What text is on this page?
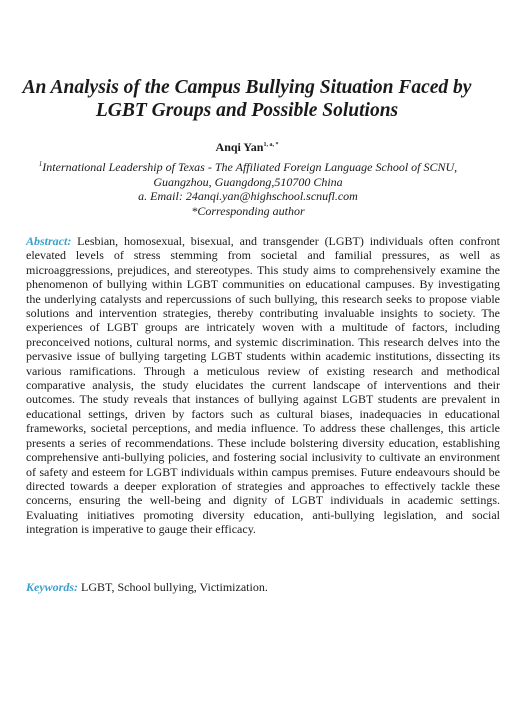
An Analysis of the Campus Bullying Situation Faced by
LGBT Groups and Possible Solutions
Anqi Yan$^{1, a, *}$
$^1$International Leadership of Texas - The Affiliated Foreign Language School of SCNU,
Guangzhou, Guangdong,510700 China
a. Email: 24anqi.yan@highschool.scnufl.com
*Corresponding author
Abstract: Lesbian, homosexual, bisexual, and transgender (LGBT) individuals often confront elevated levels of stress stemming from societal and familial pressures, as well as microaggressions, prejudices, and stereotypes. This study aims to comprehensively examine the phenomenon of bullying within LGBT communities on educational campuses. By investigating the underlying catalysts and repercussions of such bullying, this research seeks to propose viable solutions and intervention strategies, thereby contributing invaluable insights to society. The experiences of LGBT groups are intricately woven with a multitude of factors, including preconceived notions, cultural norms, and systemic discrimination. This research delves into the pervasive issue of bullying targeting LGBT students within academic institutions, dissecting its various ramifications. Through a meticulous review of existing research and methodical comparative analysis, the study elucidates the current landscape of interventions and their outcomes. The study reveals that instances of bullying against LGBT students are prevalent in educational settings, driven by factors such as cultural biases, inadequacies in educational frameworks, societal perceptions, and media influence. To address these challenges, this article presents a series of recommendations. These include bolstering diversity education, establishing comprehensive anti-bullying policies, and fostering social inclusivity to cultivate an environment of safety and esteem for LGBT individuals within campus premises. Future endeavours should be directed towards a deeper exploration of strategies and approaches to effectively tackle these concerns, ensuring the well-being and dignity of LGBT individuals in academic settings. Evaluating initiatives promoting diversity education, anti-bullying legislation, and social integration is imperative to gauge their efficacy.
Keywords: LGBT, School bullying, Victimization.
